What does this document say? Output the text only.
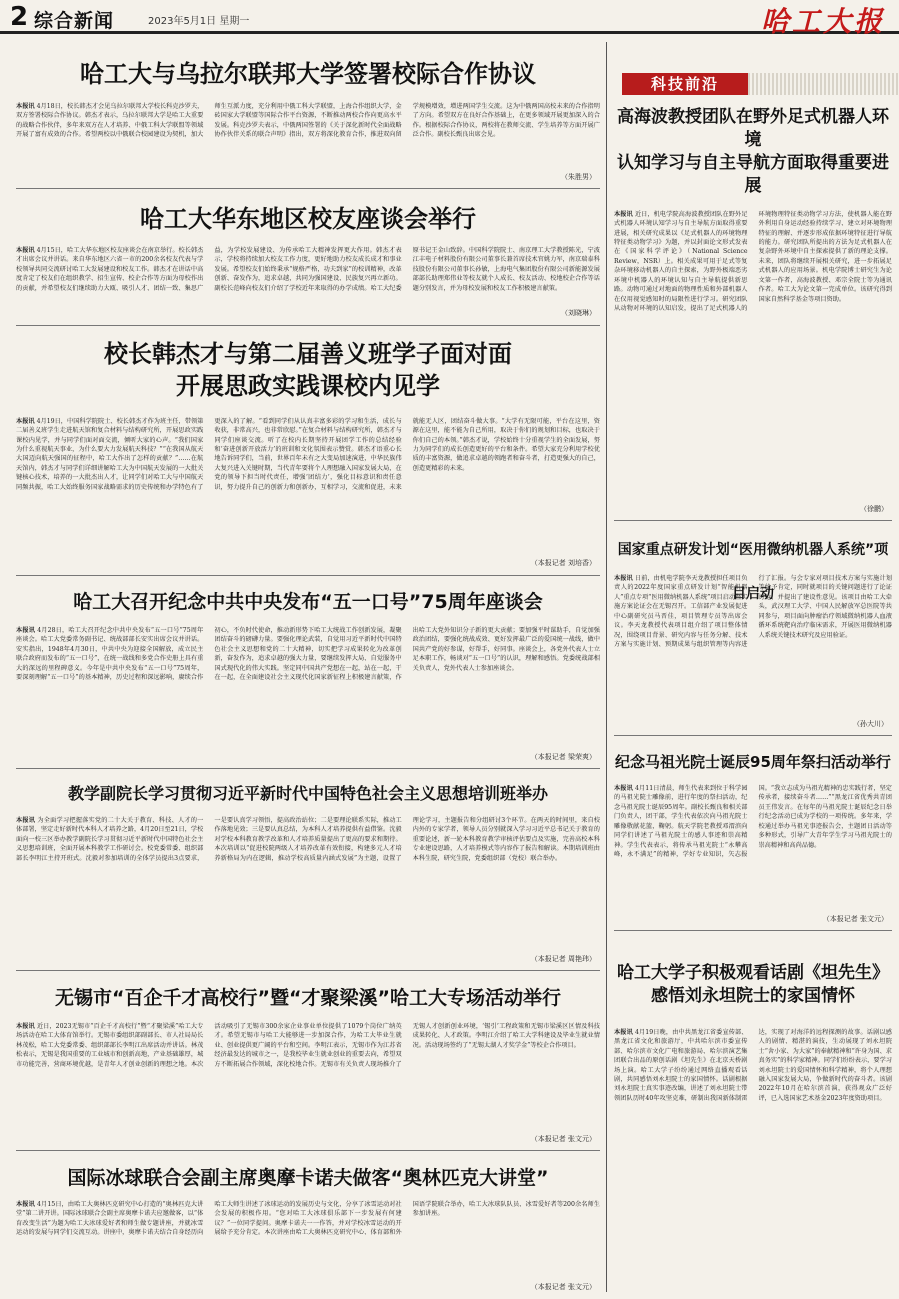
2 综合新闻	2023年5月1日 星期一	哈工大报
哈工大与乌拉尔联邦大学签署校际合作协议
本报讯 4月18日，校长韩杰才会见乌拉尔联邦大学校长科克沙罗夫，双方签署校际合作协议。韩杰才表示，乌拉尔联邦大学是哈工大重要的战略合作伙伴，多年来双方在人才培养、中俄工科大学联盟等领域开展了富有成效的合作。希望两校以中俄联合校园建设为契机，加大师生互派力度，充分利用中俄工科大学联盟，上海合作组织大学，金砖国家大学联盟等国际合作平台资源，不断推动两校合作向更高水平发展。科克沙罗夫表示，中俄两国签署的《关于深化新时代全面战略协作伙伴关系的联合声明》指出，双方将深化教育合作，推进双向留学规模增效，增进两国学生交流。这为中俄两国高校未来的合作指明了方向。希望双方在良好合作基础上，在更多领域开展更加深入的合作。根据校际合作协议，两校将在教师交流、学生培养等方面开展广泛合作。副校长甄良出席会见。
（朱胜男）
哈工大华东地区校友座谈会举行
本报讯 4月15日，哈工大华东地区校友座谈会在南京举行。校长韩杰才出席会议并讲话。来自华东地区六省一市的200余名校友代表与学校领导共同交流研讨哈工大发展建设和校友工作。韩杰才在讲话中高度肯定了校友们在组织教学、招生宣传、校企合作等方面为母校作出的贡献，并希望校友们继续助力大瓯、吸引人才、团结一致、集思广益，为学校发展建设、为传承哈工大精神发挥更大作用。韩杰才表示，学校将持续加大校友工作力度，更好地助力校友成长成才和事业发展。希望校友们始终秉承“规格严格，功夫到家”的校训精神，改革创新、奋发作为，追求卓越，共同为强国建设、民族复兴再立新功。副校长范峰向校友们介绍了学校近年来取得的办学成绩。哈工大纪委原书记王金山致辞。中国科学院院士、南京理工大学教授陈光，宁波江丰电子材料股份有限公司董事长兼首席技术官姚力军，南京瑞泰科技股份有限公司董事长孙敏，上海电气集团股份有限公司新能源发展部部长助理郑伟业等校友就个人成长、校友活动、校地校企合作等话题分别发言，并为母校发展和校友工作积极建言献策。
（刘晓琳）
校长韩杰才与第二届善义班学子面对面
开展思政实践课校内见学
本报讯 4月19日，中国科学院院士、校长韩杰才作为班主任，带领第二届善义班学生走进航天馆和复合材料与结构研究所，开展思政实践课校内见学，并与同学们面对面交流，倾听大家的心声。“我们国家为什么重视航天事业，为什么要大力发展航天科技？”“在我国从航天大国迈向航天强国的征程中，哈工大作出了怎样的贡献？”……在航天馆内，韩杰才与同学们详细讲解哈工大为中国航天发展的一大批关键核心技术，培养的一大批杰出人才，让同学们对哈工大与中国航天同频共振，哈工大始终服务国家战略需求的历史传统和办学特色有了更深入的了解。“看到同学们从认真丰富多彩的学习和生活，成长与收获，非常高兴，也非常欣慰。”在复合材料与结构研究所，韩杰才与同学们座谈交流。听了在校内长期坚持开展团学工作的总结经验和‘奋进创新开放活力’的班训和文化氛围表示赞赏。韩杰才语重心长地告诉同学们，当前，世界百年未有之大变局加速演进，中华民族伟大复兴进入关键时期，当代青年要将个人理想融入国家发展大局，在党的领导下担当时代责任，增强‘团结力’，强化目标意识和责任意识，努力提升自己的创新力和创新办，互相学习，交流和促进，未来就能无人区，团结奋斗做大事。“大学有无限可能，平台在这里，资源在这里，能不能为自己所用，取决于你们的规划和目标，也取决于你们自己的本领。”韩杰才说，学校始终十分重视学生的全面发展，努力为同学们的成长创造更好的平台和条件。希望大家充分利用学校优质的丰富资源，做追求卓越的领跑者和奋斗者，打造更强大的自己，创造更精彩的未来。
（本报记者 刘培香）
哈工大召开纪念中共中央发布“五一口号”75周年座谈会
本报讯 4月28日，哈工大召开纪念中共中央发布“五一口号”75周年座谈会。哈工大党委常务副书记、统战部部长安实出席会议并讲话。安实指出，1948年4月30日，中共中央为迎接全国解放，成立民主联合政府而发布的“五一口号”，在统一战线和多党合作史册上具有重大的深远的里程碑意义。今年是中共中央发布“五一口号”75周年，要深刻理解“五一口号”的基本精神，历史过程和深远影响，赓续合作初心，不负时代使命，推动新形势下哈工大统战工作创新发展，凝聚团结奋斗的磅礴力量。要强化理论武装，自觉用习近平新时代中国特色社会主义思想和党的二十大精神，切实把学习成果转化为改革创新，奋发作为，追求卓越的强大力量，要继续发挥大局、自觉服务中国式现代化的伟大实践。坚定同中国共产党想在一起，站在一起，干在一起，在全面建设社会主义现代化国家新征程上积极建言献策，作出哈工大党外知识分子新的更大贡献；要加强平时谋助手，自觉加强政治团结，要强化统战成效、更好发挥最广泛的爱国统一战线，做中国共产党的好参谋，好帮手，好同事。座谈会上，各党外代表人士立足本职工作，畅谈对“五一口号”的认识，理解和感悟。党委统战部相关负责人，党外代表人士参加座谈会。
（本报记者 梁荣爽）
教学副院长学习贯彻习近平新时代中国特色社会主义思想培训班举办
本报讯 为全面学习把握落实党的二十大关于教育、科技、人才的一体部署，坚定走好新时代本科人才培养之路，4月20日至21日，学校面向一校三区举办教学副院长学习贯彻习近平新时代中国特色社会主义思想培训班，全面开展本科教学工作研讨会。校党委常委、组织部部长李明江主持开班式。沈毅对参加培训的全体学员提出3点要求，一是要认真学习领悟，提高政治站位；二是要理论联系实际，推动工作落地见效；三是要认真总结，为本科人才培养提供有益借鉴。沈毅对学校本科教育教学改革和人才培养质量提出了更高的要求和期待。本次培训以“促进校院两级人才培养改革有效衔接，构建多元人才培养新格局为内在逻辑，推动学校高质量内涵式发展”为主题，设置了理论学习，主题报告和分组研讨3个环节。在两天的时间里，来自校内外的专家学者，领导人员分别就深入学习习近平总书记关于教育的重要论述，新一轮本科教育教学审核评估要点及实施，完善高校本科专业建设思路，人才培养模式等内容作了报告和解读。本期培训班由本科生院，研究生院，党委组织部（党校）联合举办。
（本报记者 周艳玮）
无锡市“百企千才高校行”暨“才聚梁溪”哈工大专场活动举行
本报讯 近日，2023无锡市“百企千才高校行”暨“才聚梁溪”哈工大专场活动在哈工大体育馆举行。无锡市委组织部副部长、市人社局局长林茂松，哈工大党委常委、组织部部长李明江出席活动并讲话。林茂松表示，无锡是我国重要的工业城市和创新高地，产业基础雄厚，城市功能完善，营商环境优越，是青年人才创业创新的理想之地。本次活动吸引了无锡市300余家企业事业单位提供了1079个岗位广纳英才。希望无锡市与哈工大能够进一步加深合作，为哈工大毕业生就业、创业提供更广阔的平台和空间。李明江表示，无锡市作为江苏省经济最发达的城市之一，是我校毕业生就业创业的重要去向，希望双方不断拓展合作领域，深化校地合作。无锡市有关负责人现场推介了无锡人才创新创业环境，‘锡引’工程政策和无锡市梁溪区区情及科技成果转化、人才政策。李明江介绍了哈工大学科建设及毕业生就业情况。活动现场签约了“无锡太湖人才奖学金”等校企合作项目。
（本报记者 张文元）
国际冰球联合会副主席奥摩卡诺夫做客“奥林匹克大讲堂”
本报讯 4月15日，由哈工大奥林匹克研究中心打造的“奥林匹克大讲堂”第二讲开讲。国际冰球联合会副主席奥摩卡诺夫应邀做客，以“体育改变生活”为题为哈工大冰球爱好者和师生做专题讲座，并就冰雪运动的发展与同学们交流互动。讲座中，奥摩卡诺夫结合自身经历向哈工大师生讲述了冰球运动的发展历史与文化，分享了冰雪运动对社会发展的积极作用。“您对哈工大冰球俱乐部下一步发展有何建议？”一位同学提问。奥摩卡诺夫一一作答，并对学校冰雪运动的开展给予充分肯定。本次讲座由哈工大奥林匹克研究中心、体育部和外国语学院联合举办，哈工大冰球队队员、冰雪爱好者等200余名师生参加讲座。
（本报记者 张文元）
科技前沿
高海波教授团队在野外足式机器人环境
认知学习与自主导航方面取得重要进展
本报讯 近日，机电学院高海波教授团队在野外足式机器人环境认知学习与自主导航方面取得重要进展，相关研究成果以《足式机器人的环境物理特征类动物学习》为题，并以封面论文形式发表在《国家科学评论》（National Science Review，NSR）上。相关成果可用于足式等复杂环境移动机器人的自主探索，为野外极端恶劣环境中机器人的环境认知与自主导航提供新思路。动物可通过对地面的物理性质和外部机器人在仅用视觉感知时的局限性进行学习。研究团队从动物对环境的认知启发，提出了足式机器人的环境物理特征类动物学习方法，使机器人能在野外利用自身运动经验持续学习、建立对环境物理特征的理解、并逐步形成依据环境特征进行导航的能力。研究团队所提出的方法为足式机器人在复杂野外环境中自主探索提供了新的理论支撑。未来，团队将继续开展相关研究，进一步拓展足式机器人的应用场景。机电学院博士研究生为论文第一作者，高海波教授、邓宗全院士等为通讯作者。哈工大为论文第一完成单位。该研究得到国家自然科学基金等项目资助。
（徐鹏）
国家重点研发计划“医用微纳机器人系统”项目启动
本报讯 日前，由机电学院李天龙教授担任项目负责人的2022年度国家重点研发计划“智能机器人”重点专项“医用微纳机器人系统”项目启动暨实施方案论证会在无锡召开。工信部产业发展促进中心副研究员马晋佳，项目管理专员等出席会议。李天龙教授代表项目组介绍了项目整体情况，围绕项目背景、研究内容与任务分解、技术方案与实施计划、预期成果与组织管理等内容进行了汇报。与会专家对项目技术方案与实施计划等给予肯定，同时就项目的关键问题进行了论证讨论，并提出了建设性意见。该项目由哈工大牵头，武汉理工大学、中国人民解放军总医院等共同参与，项目面向肿瘤治疗领域微纳机器人血液循环系统靶向治疗临床需求，开展医用微纳机器人系统关键技术研究及应用验证。
（孙大川）
纪念马祖光院士诞辰95周年祭扫活动举行
本报讯 4月11日清晨，师生代表来到位于科学园的马祖光院士雕像前，进行年度的祭扫活动，纪念马祖光院士诞辰95周年。副校长甄良和相关部门负责人，团干部，学生代表依次向马祖光院士雕像敬献花篮，鞠躬。航天学院老教授邓渭滨向同学们讲述了马祖光院士的感人事迹和崇高精神。学生代表表示，将传承马祖光院士“永攀高峰，永不满足”的精神，学好专业知识，矢志报国。“我立志成为马祖光精神的忠实践行者，坚定传承者，接续奋斗者……”“黑龙江省优秀共青团员王伟发言。在每年的马祖光院士诞辰纪念日举行纪念活动已成为学校的一项传统。多年来，学校通过举办马祖光事迹报告会，主题团日活动等多种形式，引导广大青年学生学习马祖光院士的崇高精神和高尚品德。
（本报记者 张文元）
哈工大学子积极观看话剧《坦先生》
感悟刘永坦院士的家国情怀
本报讯 4月19日晚，由中共黑龙江省委宣传部、黑龙江省文化和旅游厅，中共哈尔滨市委宣传部、哈尔滨市文化广电和旅游局、哈尔滨演艺集团联合出品的原创话剧《坦先生》在北京天桥剧场上演。哈工大学子纷纷通过网络直播观看话剧，共同感悟刘永坦院士的家国情怀。话剧根据刘永坦院士真实事迹改编，讲述了刘永坦院士带领团队历时40年攻坚克难，研制出我国新体制雷达，实现了对海洋的远程探测的故事。话剧以感人的剧情、精湛的演技，生动展现了刘永坦院士“舍小家、为大家”的奉献精神和“许身为国、求真务实”的科学家精神。同学们纷纷表示，要学习刘永坦院士的爱国情怀和科学精神，将个人理想融入国家发展大局，争做新时代的奋斗者。该剧2022年10月在哈尔滨首演，获得观众广泛好评，已入选国家艺术基金2023年度资助项目。
